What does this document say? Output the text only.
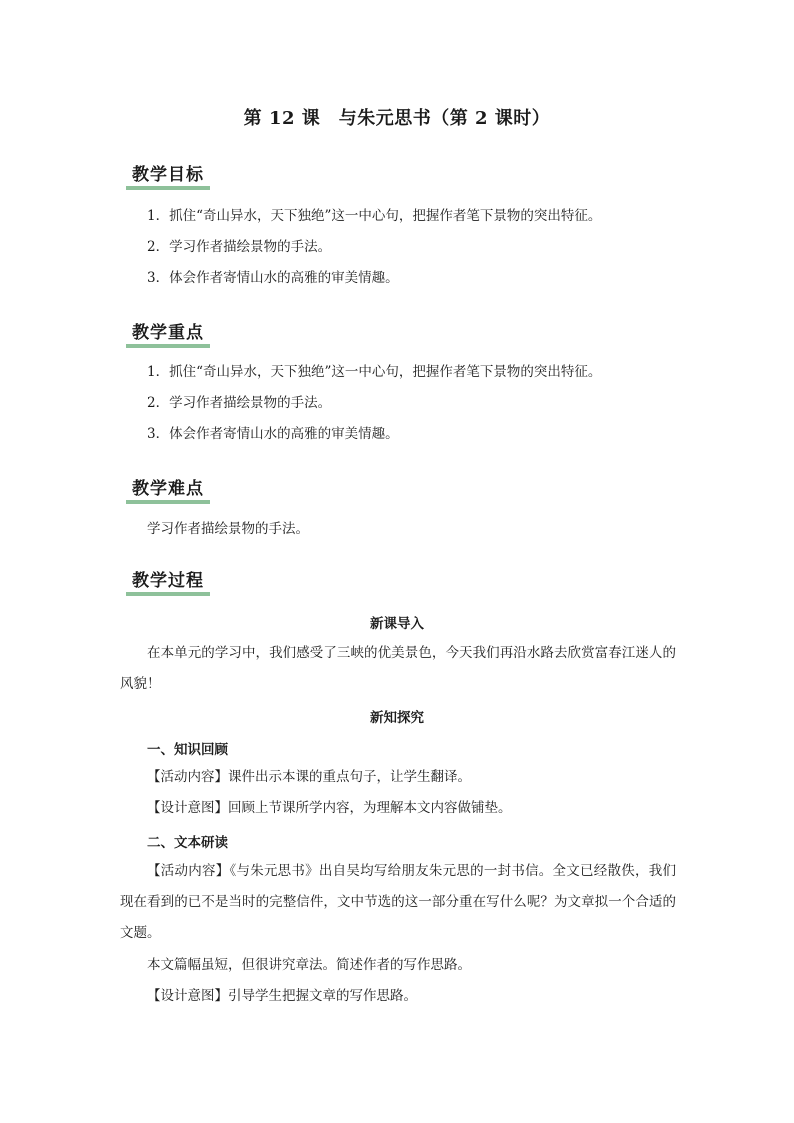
第 12 课　与朱元思书（第 2 课时）
教学目标
1．抓住“奇山异水，天下独绝”这一中心句，把握作者笔下景物的突出特征。
2．学习作者描绘景物的手法。
3．体会作者寄情山水的高雅的审美情趣。
教学重点
1．抓住“奇山异水，天下独绝”这一中心句，把握作者笔下景物的突出特征。
2．学习作者描绘景物的手法。
3．体会作者寄情山水的高雅的审美情趣。
教学难点
学习作者描绘景物的手法。
教学过程
新课导入
在本单元的学习中，我们感受了三峡的优美景色，今天我们再沿水路去欣赏富春江迷人的风貌！
新知探究
一、知识回顾
【活动内容】课件出示本课的重点句子，让学生翻译。
【设计意图】回顾上节课所学内容，为理解本文内容做铺垫。
二、文本研读
【活动内容】《与朱元思书》出自吴均写给朋友朱元思的一封书信。全文已经散佚，我们现在看到的已不是当时的完整信件，文中节选的这一部分重在写什么呢？为文章拟一个合适的文题。
本文篇幅虽短，但很讲究章法。简述作者的写作思路。
【设计意图】引导学生把握文章的写作思路。
